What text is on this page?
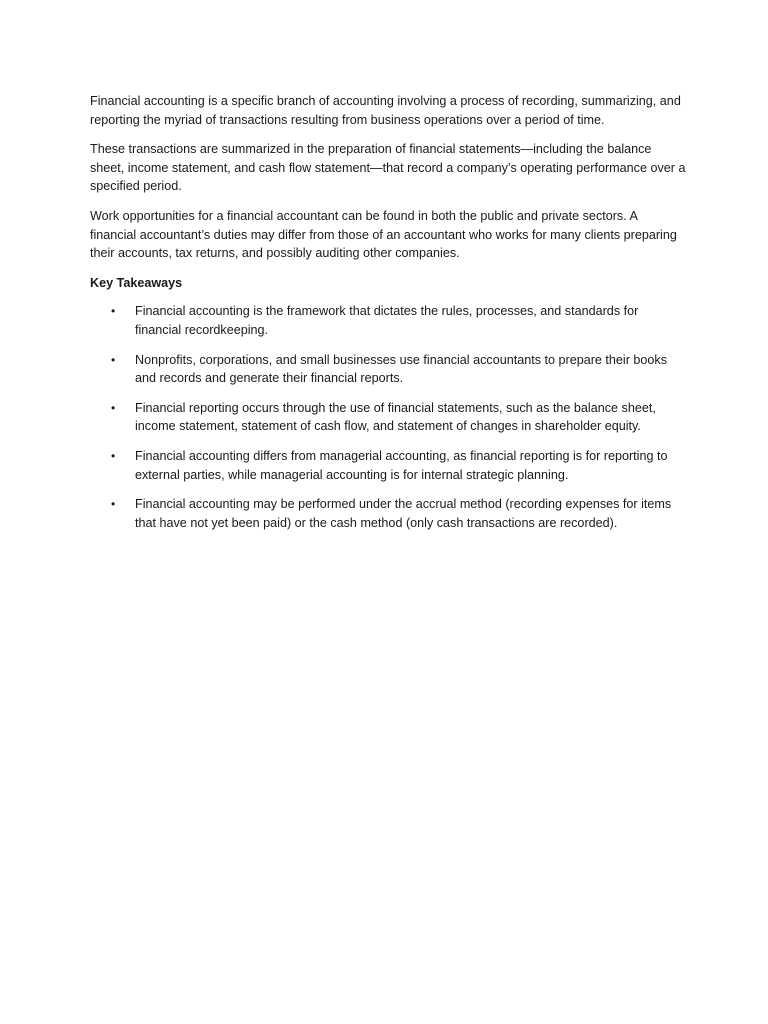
Financial accounting is a specific branch of accounting involving a process of recording, summarizing, and reporting the myriad of transactions resulting from business operations over a period of time.

These transactions are summarized in the preparation of financial statements—including the balance sheet, income statement, and cash flow statement—that record a company’s operating performance over a specified period.

Work opportunities for a financial accountant can be found in both the public and private sectors. A financial accountant’s duties may differ from those of an accountant who works for many clients preparing their accounts, tax returns, and possibly auditing other companies.

Key Takeaways
• Financial accounting is the framework that dictates the rules, processes, and standards for financial recordkeeping.
• Nonprofits, corporations, and small businesses use financial accountants to prepare their books and records and generate their financial reports.
• Financial reporting occurs through the use of financial statements, such as the balance sheet, income statement, statement of cash flow, and statement of changes in shareholder equity.
• Financial accounting differs from managerial accounting, as financial reporting is for reporting to external parties, while managerial accounting is for internal strategic planning.
• Financial accounting may be performed under the accrual method (recording expenses for items that have not yet been paid) or the cash method (only cash transactions are recorded).
